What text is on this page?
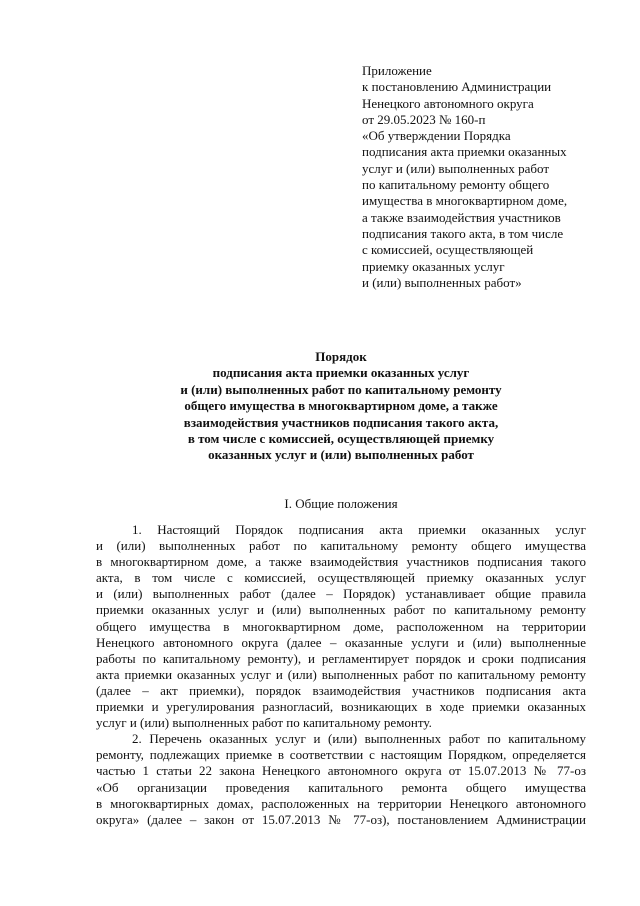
Приложение
к постановлению Администрации
Ненецкого автономного округа
от 29.05.2023 № 160-п
«Об утверждении Порядка
подписания акта приемки оказанных
услуг и (или) выполненных работ
по капитальному ремонту общего
имущества в многоквартирном доме,
а также взаимодействия участников
подписания такого акта, в том числе
с комиссией, осуществляющей
приемку оказанных услуг
и (или) выполненных работ»
Порядок
подписания акта приемки оказанных услуг
и (или) выполненных работ по капитальному ремонту
общего имущества в многоквартирном доме, а также
взаимодействия участников подписания такого акта,
в том числе с комиссией, осуществляющей приемку
оказанных услуг и (или) выполненных работ
I. Общие положения
1. Настоящий Порядок подписания акта приемки оказанных услуг
и (или) выполненных работ по капитальному ремонту общего имущества
в многоквартирном доме, а также взаимодействия участников подписания такого
акта, в том числе с комиссией, осуществляющей приемку оказанных услуг
и (или) выполненных работ (далее – Порядок) устанавливает общие правила
приемки оказанных услуг и (или) выполненных работ по капитальному ремонту
общего имущества в многоквартирном доме, расположенном на территории
Ненецкого автономного округа (далее – оказанные услуги и (или) выполненные
работы по капитальному ремонту), и регламентирует порядок и сроки подписания
акта приемки оказанных услуг и (или) выполненных работ по капитальному ремонту
(далее – акт приемки), порядок взаимодействия участников подписания акта
приемки и урегулирования разногласий, возникающих в ходе приемки оказанных
услуг и (или) выполненных работ по капитальному ремонту.
2. Перечень оказанных услуг и (или) выполненных работ по капитальному
ремонту, подлежащих приемке в соответствии с настоящим Порядком, определяется
частью 1 статьи 22 закона Ненецкого автономного округа от 15.07.2013 № 77-оз
«Об организации проведения капитального ремонта общего имущества
в многоквартирных домах, расположенных на территории Ненецкого автономного
округа» (далее – закон от 15.07.2013 № 77-оз), постановлением Администрации
